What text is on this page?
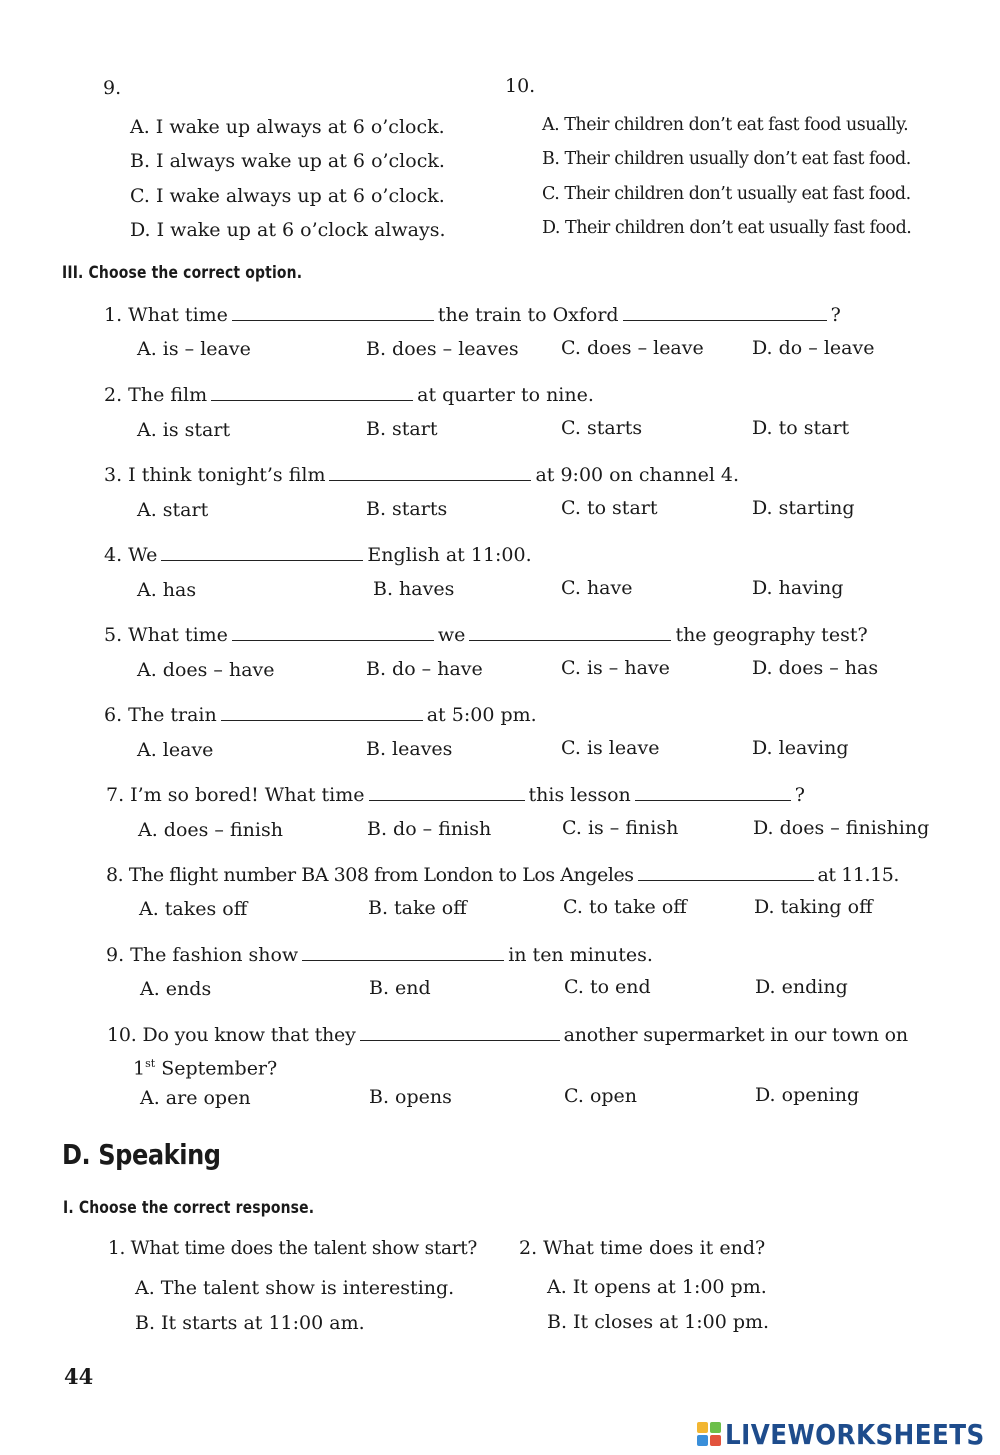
9.
A. I wake up always at 6 o’clock.
B. I always wake up at 6 o’clock.
C. I wake always up at 6 o’clock.
D. I wake up at 6 o’clock always.
10.
A. Their children don’t eat fast food usually.
B. Their children usually don’t eat fast food.
C. Their children don’t usually eat fast food.
D. Their children don’t eat usually fast food.
III. Choose the correct option.
1. What time	the train to Oxford	?
A. is – leave	B. does – leaves C. does – leave	D. do – leave
2. The film	at quarter to nine.
A. is start	B. start	C. starts	D. to start
3. I think tonight’s film	at 9:00 on channel 4.
A. start	B. starts	C. to start	D. starting
4. We	English at 11:00.
A. has	B. haves	C. have	D. having
5. What time	we	the geography test?
A. does – have	B. do – have	C. is – have	D. does – has
6. The train	at 5:00 pm.
A. leave	B. leaves	C. is leave	D. leaving
7. I’m so bored! What time	this lesson	?
A. does – finish	B. do – finish	C. is – finish	D. does – finishing
8. The flight number BA 308 from London to Los Angeles	at 11.15.
A. takes off	B. take off	C. to take off	D. taking off
9. The fashion show	in ten minutes.
A. ends	B. end	C. to end	D. ending
10. Do you know that they	another supermarket in our town on
1st September?
A. are open	B. opens	C. open	D. opening
D. Speaking
I. Choose the correct response.
1. What time does the talent show start?
A. The talent show is interesting.
B. It starts at 11:00 am.
2. What time does it end?
A. It opens at 1:00 pm.
B. It closes at 1:00 pm.
44
LIVEWORKSHEETS
